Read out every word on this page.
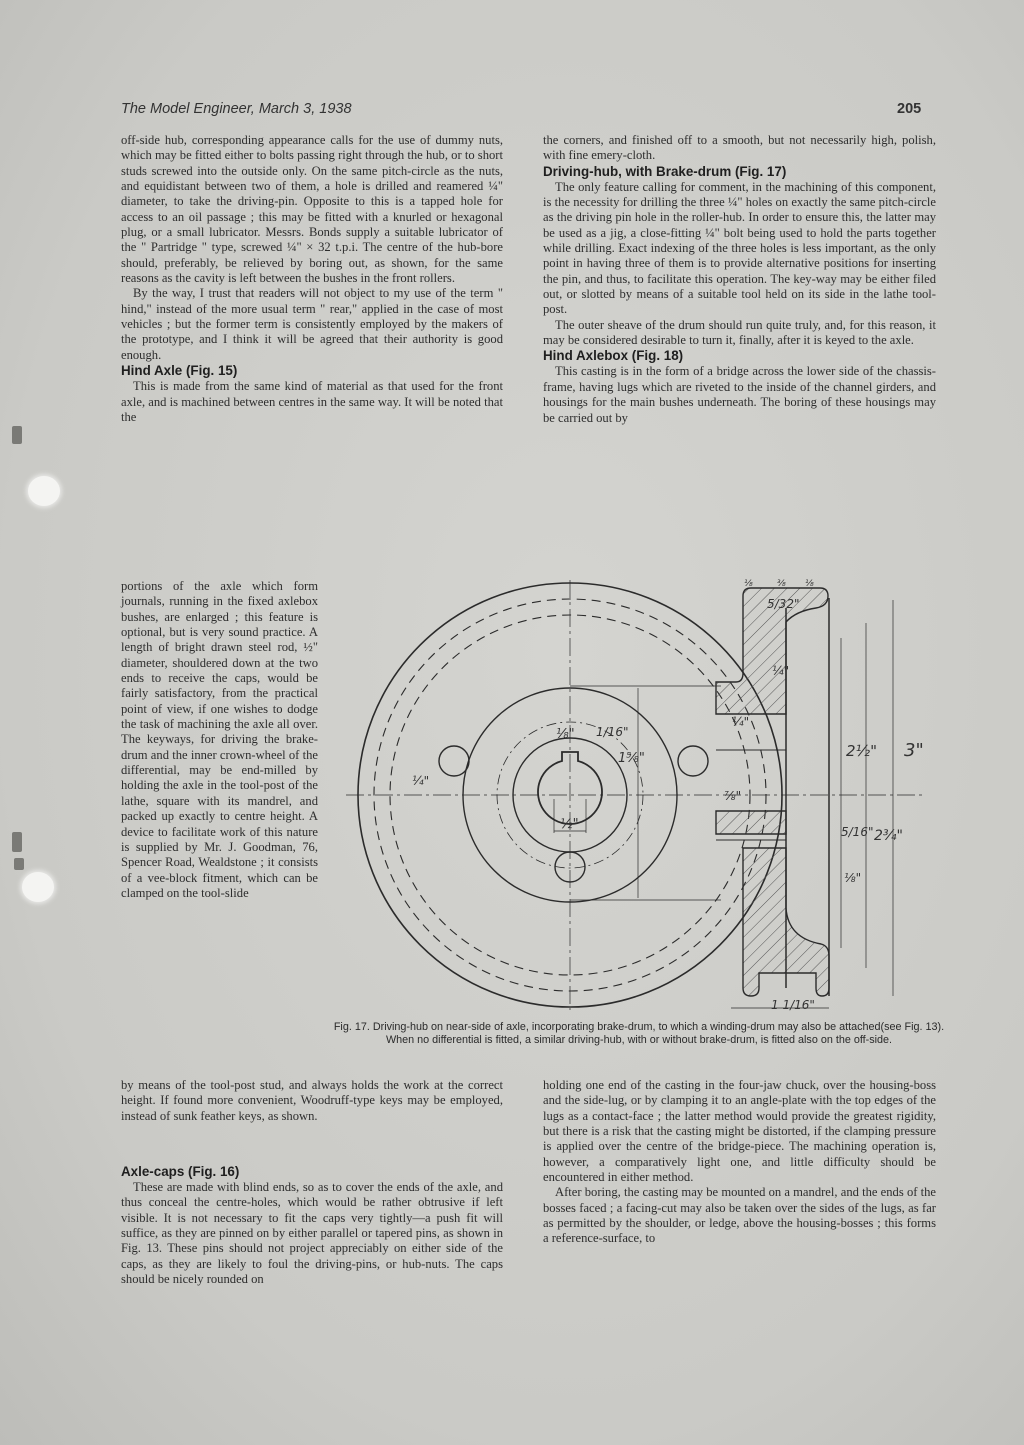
The Model Engineer, March 3, 1938	205

off-side hub, corresponding appearance calls for the use of dummy nuts, which may be fitted either to bolts passing right through the hub, or to short studs screwed into the outside only. On the same pitch-circle as the nuts, and equidistant between two of them, a hole is drilled and reamered ¼" diameter, to take the driving-pin. Opposite to this is a tapped hole for access to an oil passage ; this may be fitted with a knurled or hexagonal plug, or a small lubricator. Messrs. Bonds supply a suitable lubricator of the " Partridge " type, screwed ¼" × 32 t.p.i. The centre of the hub-bore should, preferably, be relieved by boring out, as shown, for the same reasons as the cavity is left between the bushes in the front rollers.

By the way, I trust that readers will not object to my use of the term " hind," instead of the more usual term " rear," applied in the case of most vehicles ; but the former term is consistently employed by the makers of the prototype, and I think it will be agreed that their authority is good enough.

Hind Axle (Fig. 15)

This is made from the same kind of material as that used for the front axle, and is machined between centres in the same way. It will be noted that the

portions of the axle which form journals, running in the fixed axlebox bushes, are enlarged ; this feature is optional, but is very sound practice. A length of bright drawn steel rod, ½" diameter, shouldered down at the two ends to receive the caps, would be fairly satisfactory, from the practical point of view, if one wishes to dodge the task of machining the axle all over. The keyways, for driving the brake-drum and the inner crown-wheel of the differential, may be end-milled by holding the axle in the tool-post of the lathe, square with its mandrel, and packed up exactly to centre height. A device to facilitate work of this nature is supplied by Mr. J. Goodman, 76, Spencer Road, Wealdstone ; it consists of a vee-block fitment, which can be clamped on the tool-slide

by means of the tool-post stud, and always holds the work at the correct height. If found more convenient, Woodruff-type keys may be employed, instead of sunk feather keys, as shown.

Axle-caps (Fig. 16)

These are made with blind ends, so as to cover the ends of the axle, and thus conceal the centre-holes, which would be rather obtrusive if left visible. It is not necessary to fit the caps very tightly—a push fit will suffice, as they are pinned on by either parallel or tapered pins, as shown in Fig. 13. These pins should not project appreciably on either side of the caps, as they are likely to foul the driving-pins, or hub-nuts. The caps should be nicely rounded on

the corners, and finished off to a smooth, but not necessarily high, polish, with fine emery-cloth.

Driving-hub, with Brake-drum (Fig. 17)

The only feature calling for comment, in the machining of this component, is the necessity for drilling the three ¼" holes on exactly the same pitch-circle as the driving pin hole in the roller-hub. In order to ensure this, the latter may be used as a jig, a close-fitting ¼" bolt being used to hold the parts together while drilling. Exact indexing of the three holes is less important, as the only point in having three of them is to provide alternative positions for inserting the pin, and thus, to facilitate this operation. The key-way may be either filed out, or slotted by means of a suitable tool held on its side in the lathe tool-post.

The outer sheave of the drum should run quite truly, and, for this reason, it may be considered desirable to turn it, finally, after it is keyed to the axle.

Hind Axlebox (Fig. 18)

This casting is in the form of a bridge across the lower side of the chassis-frame, having lugs which are riveted to the inside of the channel girders, and housings for the main bushes underneath. The boring of these housings may be carried out by

holding one end of the casting in the four-jaw chuck, over the housing-boss and the side-lug, or by clamping it to an angle-plate with the top edges of the lugs as a contact-face ; the latter method would provide the greatest rigidity, but there is a risk that the casting might be distorted, if the clamping pressure is applied over the centre of the bridge-piece. The machining operation is, however, a comparatively light one, and little difficulty should be encountered in either method.

After boring, the casting may be mounted on a mandrel, and the ends of the bosses faced ; a facing-cut may also be taken over the sides of the lugs, as far as permitted by the shoulder, or ledge, above the housing-bosses ; this forms a reference-surface, to

⅛" 1/16"
¼"
½"
1⅝"
5/32"
⅛	⅜ ⅛
¼"
¼"
2½" 3"
⅞"
5/16" 2¾"
⅛"
1 1/16"
Fig. 17. Driving-hub on near-side of axle, incorporating brake-drum, to which a winding-drum may also be attached(see Fig. 13). When no differential is fitted, a similar driving-hub, with or without brake-drum, is fitted also on the off-side.
